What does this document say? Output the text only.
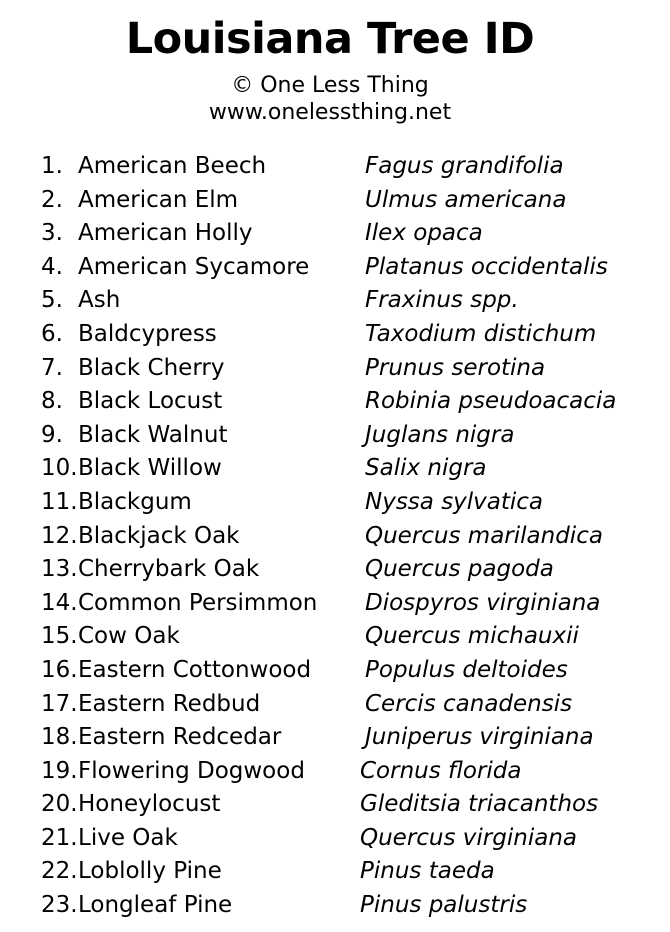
Louisiana Tree ID
© One Less Thing
www.onelessthing.net
1. American Beech	Fagus grandifolia
2. American Elm	Ulmus americana
3. American Holly	Ilex opaca
4. American Sycamore Platanus occidentalis
5. Ash	Fraxinus spp.
6. Baldcypress	Taxodium distichum
7. Black Cherry	Prunus serotina
8. Black Locust	Robinia pseudoacacia
9. Black Walnut	Juglans nigra
10. Black Willow	Salix nigra
11. Blackgum	Nyssa sylvatica
12. Blackjack Oak	Quercus marilandica
13. Cherrybark Oak	Quercus pagoda
14. Common Persimmon Diospyros virginiana
15. Cow Oak	Quercus michauxii
16. Eastern Cottonwood Populus deltoides
17. Eastern Redbud	Cercis canadensis
18. Eastern Redcedar	Juniperus virginiana
19. Flowering Dogwood Cornus florida
20. Honeylocust	Gleditsia triacanthos
21. Live Oak	Quercus virginiana
22. Loblolly Pine	Pinus taeda
23. Longleaf Pine	Pinus palustris
